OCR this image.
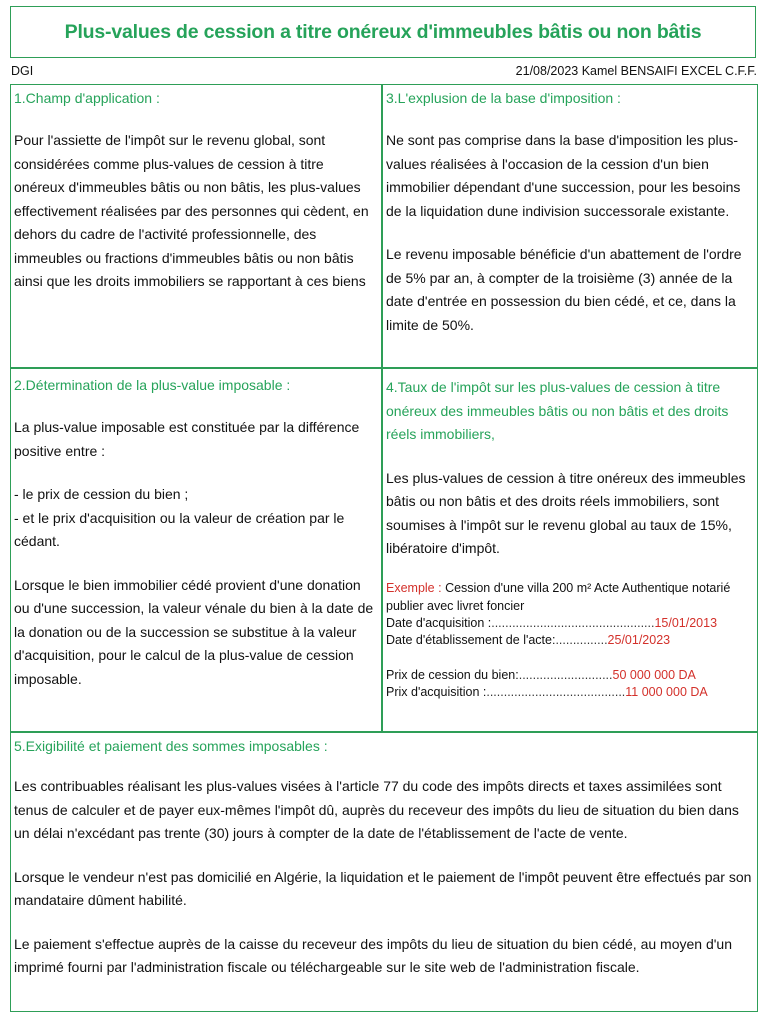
Plus-values de cession a titre onéreux d'immeubles bâtis ou non bâtis
DGI	21/08/2023 Kamel BENSAIFI EXCEL C.F.F.
1.Champ d'application :

Pour l'assiette de l'impôt sur le revenu global, sont considérées comme plus-values de cession à titre onéreux d'immeubles bâtis ou non bâtis, les plus-values effectivement réalisées par des personnes qui cèdent, en dehors du cadre de l'activité professionnelle, des immeubles ou fractions d'immeubles bâtis ou non bâtis ainsi que les droits immobiliers se rapportant à ces biens

3.L'explusion de la base d'imposition :

Ne sont pas comprise dans la base d'imposition les plus- values réalisées à l'occasion de la cession d'un bien immobilier dépendant d'une succession, pour les besoins de la liquidation dune indivision successorale existante.

Le revenu imposable bénéficie d'un abattement de l'ordre de 5% par an, à compter de la troisième (3) année de la date d'entrée en possession du bien cédé, et ce, dans la limite de 50%.

2.Détermination de la plus-value imposable :

La plus-value imposable est constituée par la différence positive entre :

- le prix de cession du bien ;

- et le prix d'acquisition ou la valeur de création par le cédant.

Lorsque le bien immobilier cédé provient d'une donation ou d'une succession, la valeur vénale du bien à la date de la donation ou de la succession se substitue à la valeur d'acquisition, pour le calcul de la plus-value de cession imposable.

4.Taux de l'impôt sur les plus-values de cession à titre onéreux des immeubles bâtis ou non bâtis et des droits réels immobiliers,

Les plus-values de cession à titre onéreux des immeubles bâtis ou non bâtis et des droits réels immobiliers, sont soumises à l'impôt sur le revenu global au taux de 15%, libératoire d'impôt.

Exemple : Cession d'une villa 200 m² Acte Authentique notarié publier avec livret foncier
Date d'acquisition : ............................................... 15/01/2013
Date d'établissement de l'acte: ............... 25/01/2023
Prix de cession du bien: ........................... 50 000 000 DA
Prix d'acquisition : ........................................ 11 000 000 DA
5.Exigibilité et paiement des sommes imposables :

Les contribuables réalisant les plus-values visées à l'article 77 du code des impôts directs et taxes assimilées sont tenus de calculer et de payer eux-mêmes l'impôt dû, auprès du receveur des impôts du lieu de situation du bien dans un délai n'excédant pas trente (30) jours à compter de la date de l'établissement de l'acte de vente.

Lorsque le vendeur n'est pas domicilié en Algérie, la liquidation et le paiement de l'impôt peuvent être effectués par son mandataire dûment habilité.

Le paiement s'effectue auprès de la caisse du receveur des impôts du lieu de situation du bien cédé, au moyen d'un imprimé fourni par l'administration fiscale ou téléchargeable sur le site web de l'administration fiscale.
